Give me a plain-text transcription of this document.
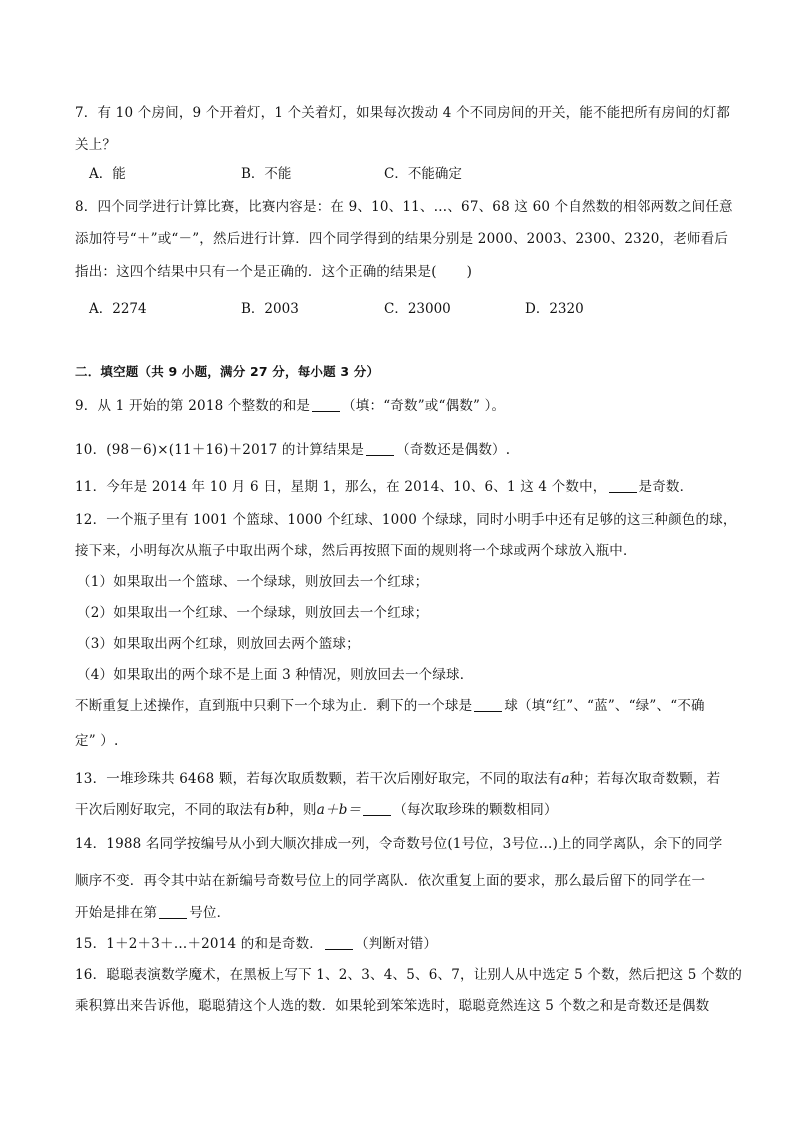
7．有 10 个房间，9 个开着灯，1 个关着灯，如果每次拨动 4 个不同房间的开关，能不能把所有房间的灯都
关上？
A．能	B．不能	C．不能确定
8．四个同学进行计算比赛，比赛内容是：在 9、10、11、…、67、68 这 60 个自然数的相邻两数之间任意
添加符号“＋”或“－”，然后进行计算．四个同学得到的结果分别是 2000、2003、2300、2320，老师看后
指出：这四个结果中只有一个是正确的．这个正确的结果是( )
A．2274	B．2003	C．23000	D．2320
二．填空题（共 9 小题，满分 27 分，每小题 3 分）
9．从 1 开始的第 2018 个整数的和是 （填：“奇数”或“偶数” ）。
10．(98－6)×(11＋16)＋2017 的计算结果是 （奇数还是偶数）.
11．今年是 2014 年 10 月 6 日，星期 1，那么，在 2014、10、6、1 这 4 个数中， 是奇数．
12．一个瓶子里有 1001 个篮球、1000 个红球、1000 个绿球，同时小明手中还有足够的这三种颜色的球，
接下来，小明每次从瓶子中取出两个球，然后再按照下面的规则将一个球或两个球放入瓶中．
（1）如果取出一个篮球、一个绿球，则放回去一个红球；
（2）如果取出一个红球、一个绿球，则放回去一个红球；
（3）如果取出两个红球，则放回去两个篮球；
（4）如果取出的两个球不是上面 3 种情况，则放回去一个绿球．
不断重复上述操作，直到瓶中只剩下一个球为止．剩下的一个球是 球（填“红”、“蓝”、“绿”、“不确
定” ）.
13．一堆珍珠共 6468 颗，若每次取质数颗，若干次后刚好取完，不同的取法有a种；若每次取奇数颗，若
干次后刚好取完，不同的取法有b种，则a＋b＝ （每次取珍珠的颗数相同）
14．1988 名同学按编号从小到大顺次排成一列，令奇数号位(1号位，3号位…)上的同学离队，余下的同学
顺序不变．再令其中站在新编号奇数号位上的同学离队．依次重复上面的要求，那么最后留下的同学在一
开始是排在第 号位．
15．1＋2＋3＋…＋2014 的和是奇数． （判断对错）
16．聪聪表演数学魔术，在黑板上写下 1、2、3、4、5、6、7，让别人从中选定 5 个数，然后把这 5 个数的
乘积算出来告诉他，聪聪猜这个人选的数．如果轮到笨笨选时，聪聪竟然连这 5 个数之和是奇数还是偶数
